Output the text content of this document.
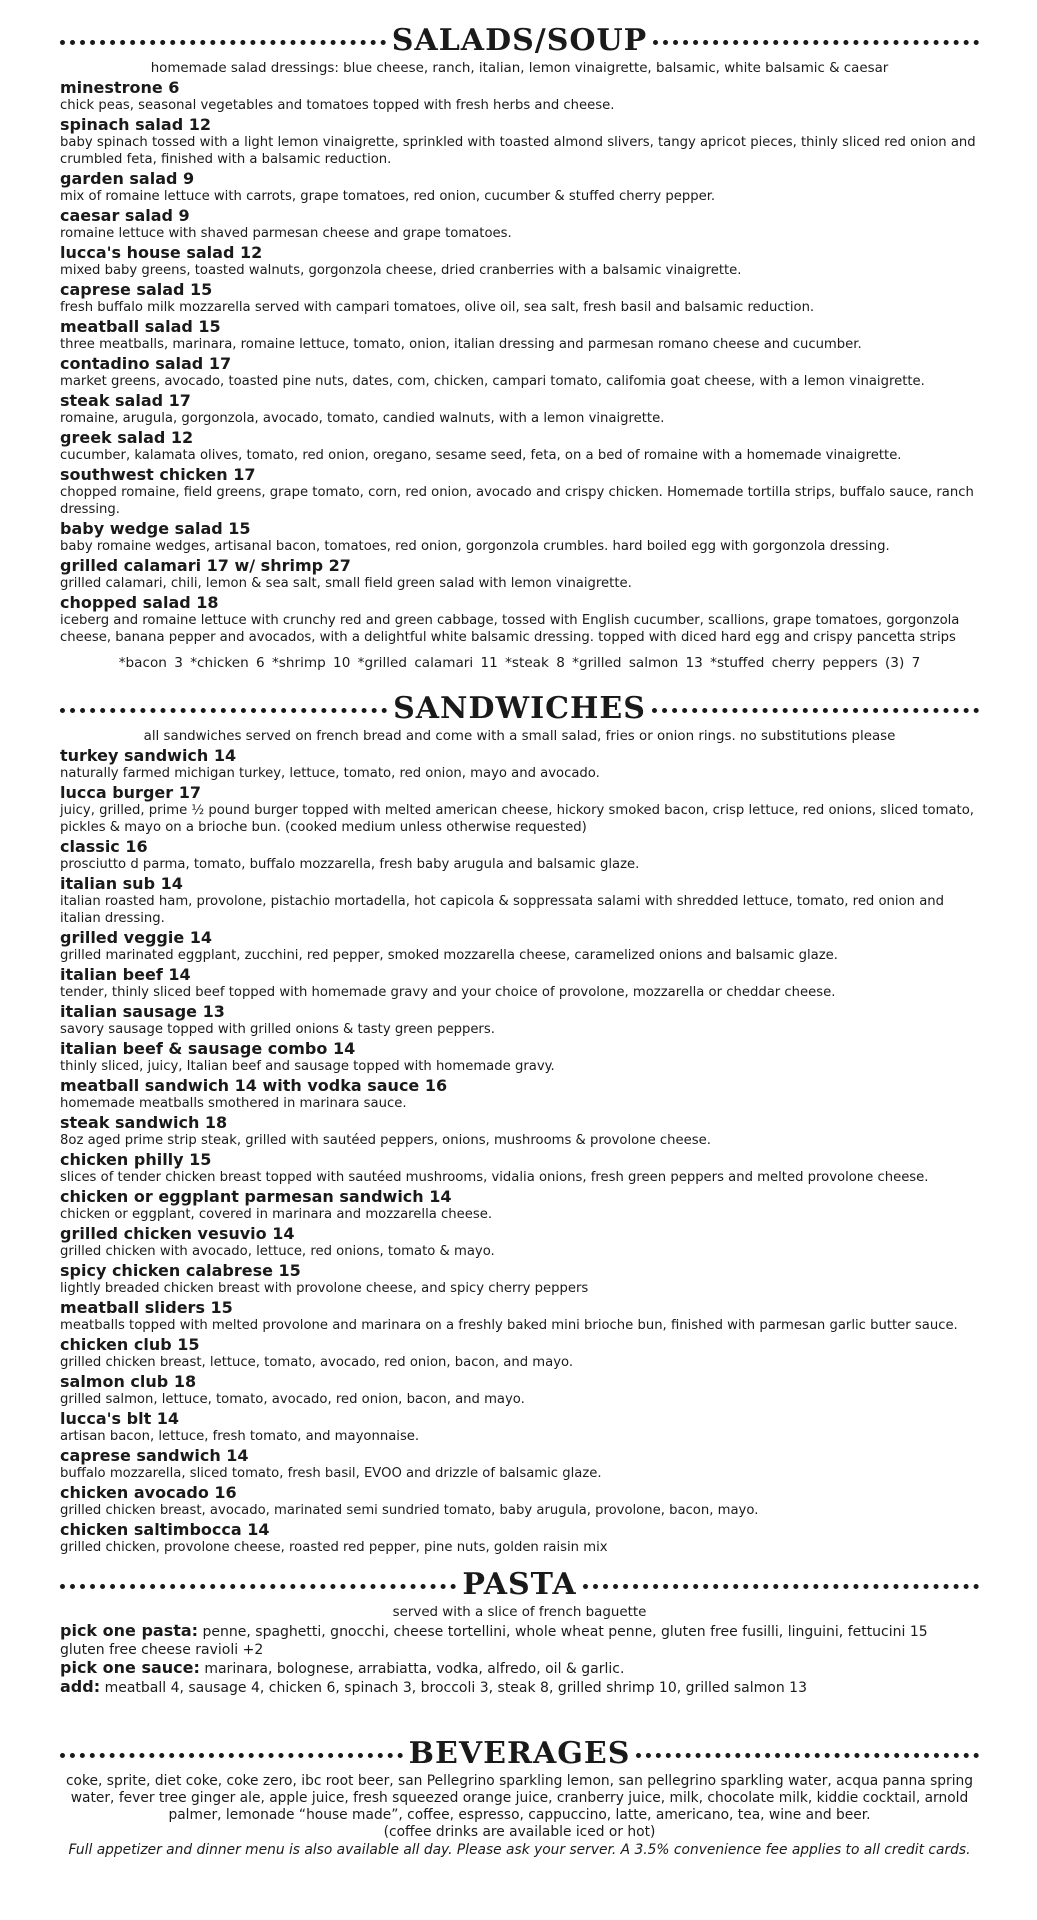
SALADS/SOUP
homemade salad dressings: blue cheese, ranch, italian, lemon vinaigrette, balsamic, white balsamic & caesar
minestrone 6
chick peas, seasonal vegetables and tomatoes topped with fresh herbs and cheese.
spinach salad 12
baby spinach tossed with a light lemon vinaigrette, sprinkled with toasted almond slivers, tangy apricot pieces, thinly sliced red onion and crumbled feta, finished with a balsamic reduction.
garden salad 9
mix of romaine lettuce with carrots, grape tomatoes, red onion, cucumber & stuffed cherry pepper.
caesar salad 9
romaine lettuce with shaved parmesan cheese and grape tomatoes.
lucca's house salad 12
mixed baby greens, toasted walnuts, gorgonzola cheese, dried cranberries with a balsamic vinaigrette.
caprese salad 15
fresh buffalo milk mozzarella served with campari tomatoes, olive oil, sea salt, fresh basil and balsamic reduction.
meatball salad 15
three meatballs, marinara, romaine lettuce, tomato, onion, italian dressing and parmesan romano cheese and cucumber.
contadino salad 17
market greens, avocado, toasted pine nuts, dates, com, chicken, campari tomato, califomia goat cheese, with a lemon vinaigrette.
steak salad 17
romaine, arugula, gorgonzola, avocado, tomato, candied walnuts, with a lemon vinaigrette.
greek salad 12
cucumber, kalamata olives, tomato, red onion, oregano, sesame seed, feta, on a bed of romaine with a homemade vinaigrette.
southwest chicken 17
chopped romaine, field greens, grape tomato, corn, red onion, avocado and crispy chicken. Homemade tortilla strips, buffalo sauce, ranch dressing.
baby wedge salad 15
baby romaine wedges, artisanal bacon, tomatoes, red onion, gorgonzola crumbles. hard boiled egg with gorgonzola dressing.
grilled calamari 17 w/ shrimp 27
grilled calamari, chili, lemon & sea salt, small field green salad with lemon vinaigrette.
chopped salad 18
iceberg and romaine lettuce with crunchy red and green cabbage, tossed with English cucumber, scallions, grape tomatoes, gorgonzola cheese, banana pepper and avocados, with a delightful white balsamic dressing. topped with diced hard egg and crispy pancetta strips
*bacon 3 *chicken 6 *shrimp 10 *grilled calamari 11 *steak 8 *grilled salmon 13 *stuffed cherry peppers (3) 7
SANDWICHES
all sandwiches served on french bread and come with a small salad, fries or onion rings. no substitutions please
turkey sandwich 14
naturally farmed michigan turkey, lettuce, tomato, red onion, mayo and avocado.
lucca burger 17
juicy, grilled, prime ½ pound burger topped with melted american cheese, hickory smoked bacon, crisp lettuce, red onions, sliced tomato, pickles & mayo on a brioche bun. (cooked medium unless otherwise requested)
classic 16
prosciutto d parma, tomato, buffalo mozzarella, fresh baby arugula and balsamic glaze.
italian sub 14
italian roasted ham, provolone, pistachio mortadella, hot capicola & soppressata salami with shredded lettuce, tomato, red onion and italian dressing.
grilled veggie 14
grilled marinated eggplant, zucchini, red pepper, smoked mozzarella cheese, caramelized onions and balsamic glaze.
italian beef 14
tender, thinly sliced beef topped with homemade gravy and your choice of provolone, mozzarella or cheddar cheese.
italian sausage 13
savory sausage topped with grilled onions & tasty green peppers.
italian beef & sausage combo 14
thinly sliced, juicy, Italian beef and sausage topped with homemade gravy.
meatball sandwich 14 with vodka sauce 16
homemade meatballs smothered in marinara sauce.
steak sandwich 18
8oz aged prime strip steak, grilled with sautéed peppers, onions, mushrooms & provolone cheese.
chicken philly 15
slices of tender chicken breast topped with sautéed mushrooms, vidalia onions, fresh green peppers and melted provolone cheese.
chicken or eggplant parmesan sandwich 14
chicken or eggplant, covered in marinara and mozzarella cheese.
grilled chicken vesuvio 14
grilled chicken with avocado, lettuce, red onions, tomato & mayo.
spicy chicken calabrese 15
lightly breaded chicken breast with provolone cheese, and spicy cherry peppers
meatball sliders 15
meatballs topped with melted provolone and marinara on a freshly baked mini brioche bun, finished with parmesan garlic butter sauce.
chicken club 15
grilled chicken breast, lettuce, tomato, avocado, red onion, bacon, and mayo.
salmon club 18
grilled salmon, lettuce, tomato, avocado, red onion, bacon, and mayo.
lucca's blt 14
artisan bacon, lettuce, fresh tomato, and mayonnaise.
caprese sandwich 14
buffalo mozzarella, sliced tomato, fresh basil, EVOO and drizzle of balsamic glaze.
chicken avocado 16
grilled chicken breast, avocado, marinated semi sundried tomato, baby arugula, provolone, bacon, mayo.
chicken saltimbocca 14
grilled chicken, provolone cheese, roasted red pepper, pine nuts, golden raisin mix
PASTA
served with a slice of french baguette
pick one pasta: penne, spaghetti, gnocchi, cheese tortellini, whole wheat penne, gluten free fusilli, linguini, fettucini 15
gluten free cheese ravioli +2
pick one sauce: marinara, bolognese, arrabiatta, vodka, alfredo, oil & garlic.
add: meatball 4, sausage 4, chicken 6, spinach 3, broccoli 3, steak 8, grilled shrimp 10, grilled salmon 13
BEVERAGES
coke, sprite, diet coke, coke zero, ibc root beer, san Pellegrino sparkling lemon, san pellegrino sparkling water, acqua panna spring water, fever tree ginger ale, apple juice, fresh squeezed orange juice, cranberry juice, milk, chocolate milk, kiddie cocktail, arnold palmer, lemonade “house made”, coffee, espresso, cappuccino, latte, americano, tea, wine and beer.
(coffee drinks are available iced or hot)
Full appetizer and dinner menu is also available all day. Please ask your server. A 3.5% convenience fee applies to all credit cards.
